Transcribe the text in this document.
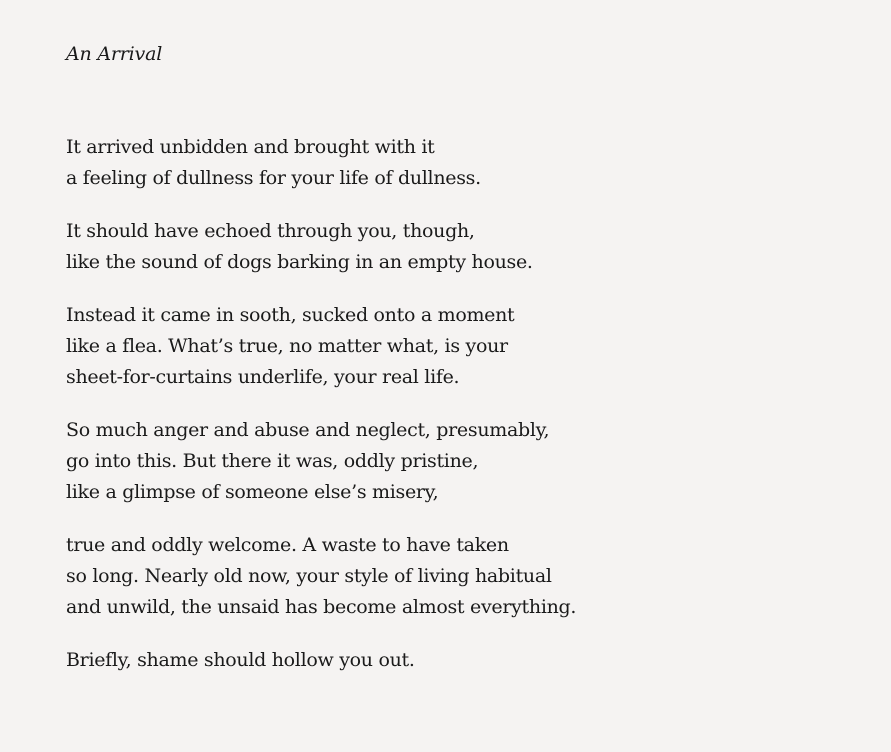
An Arrival
It arrived unbidden and brought with it
a feeling of dullness for your life of dullness.
It should have echoed through you, though,
like the sound of dogs barking in an empty house.
Instead it came in sooth, sucked onto a moment
like a flea. What’s true, no matter what, is your
sheet-for-curtains underlife, your real life.
So much anger and abuse and neglect, presumably,
go into this. But there it was, oddly pristine,
like a glimpse of someone else’s misery,
true and oddly welcome. A waste to have taken
so long. Nearly old now, your style of living habitual
and unwild, the unsaid has become almost everything.
Briefly, shame should hollow you out.
